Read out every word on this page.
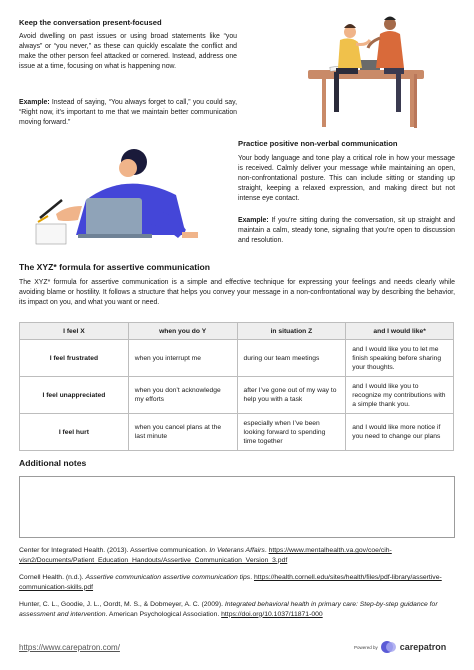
Keep the conversation present-focused
Avoid dwelling on past issues or using broad statements like “you always” or “you never,” as these can quickly escalate the conflict and make the other person feel attacked or cornered. Instead, address one issue at a time, focusing on what is happening now.
Example: Instead of saying, “You always forget to call,” you could say, “Right now, it’s important to me that we maintain better communication moving forward.”
Practice positive non-verbal communication
Your body language and tone play a critical role in how your message is received. Calmly deliver your message while maintaining an open, non-confrontational posture. This can include sitting or standing up straight, keeping a relaxed expression, and making direct but not intense eye contact.
Example: If you’re sitting during the conversation, sit up straight and maintain a calm, steady tone, signaling that you’re open to discussion and resolution.
The XYZ* formula for assertive communication
The XYZ* formula for assertive communication is a simple and effective technique for expressing your feelings and needs clearly while avoiding blame or hostility. It follows a structure that helps you convey your message in a non-confrontational way by describing the behavior, its impact on you, and what you want or need.
I feel X	when you do Y	in situation Z	and I would like*
I feel frustrated	when you interrupt me	during our team meetings	and I would like you to let me finish speaking before sharing your thoughts.
I feel unappreciated	when you don’t acknowledge my efforts	after I’ve gone out of my way to help you with a task	and I would like you to recognize my contributions with a simple thank you.
I feel hurt	when you cancel plans at the last minute	especially when I’ve been looking forward to spending time together	and I would like more notice if you need to change our plans
Additional notes
Center for Integrated Health. (2013). Assertive communication. In Veterans Affairs. https://www.mentalhealth.va.gov/coe/cih-visn2/Documents/Patient_Education_Handouts/Assertive_Communication_Version_3.pdf
Cornell Health. (n.d.). Assertive communication assertive communication tips. https://health.cornell.edu/sites/health/files/pdf-library/assertive-communication-skills.pdf
Hunter, C. L., Goodie, J. L., Oordt, M. S., & Dobmeyer, A. C. (2009). Integrated behavioral health in primary care: Step-by-step guidance for assessment and intervention. American Psychological Association. https://doi.org/10.1037/11871-000
https://www.carepatron.com/	Powered by carepatron
